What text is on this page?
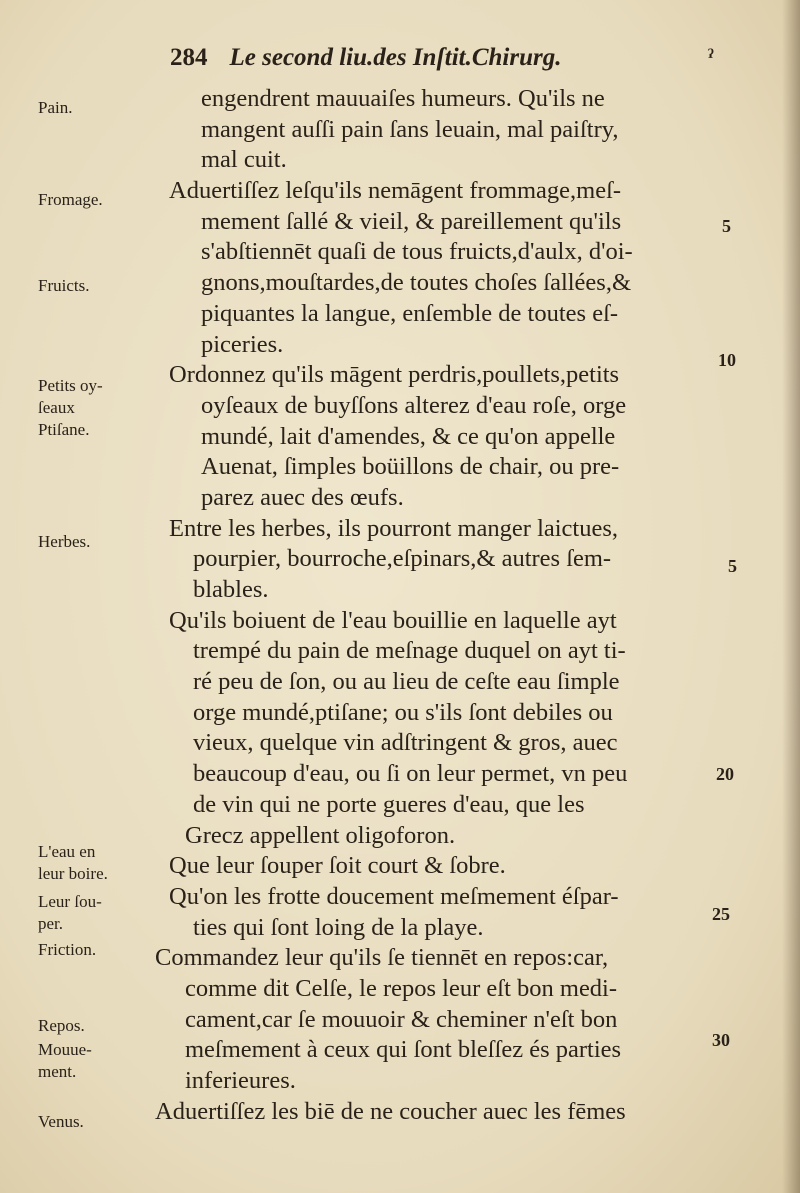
284 Le second liu.des Inſtit.Chirurg.	ˀ
Pain.
Fromage.
Fruicts.
Petits oy-
ſeaux
Ptiſane.
Herbes.
L'eau en
leur boire.
Leur ſou-
per.
Friction.
Repos.
Mouue-
ment.
Venus.
5
10
5
20
25
30
engendrent mauuaiſes humeurs. Qu'ils ne
mangent auſſi pain ſans leuain, mal paiſtry,
mal cuit.
Aduertiſſez leſqu'ils nemāgent frommage,meſ-
mement ſallé & vieil, & pareillement qu'ils
s'abſtiennēt quaſi de tous fruicts,d'aulx, d'oi-
gnons,mouſtardes,de toutes choſes ſallées,&
piquantes la langue, enſemble de toutes eſ-
piceries.
Ordonnez qu'ils māgent perdris,poullets,petits
oyſeaux de buyſſons alterez d'eau roſe, orge
mundé, lait d'amendes, & ce qu'on appelle
Auenat, ſimples boüillons de chair, ou pre-
parez auec des œufs.
Entre les herbes, ils pourront manger laictues,
pourpier, bourroche,eſpinars,& autres ſem-
blables.
Qu'ils boiuent de l'eau bouillie en laquelle ayt
trempé du pain de meſnage duquel on ayt ti-
ré peu de ſon, ou au lieu de ceſte eau ſimple
orge mundé,ptiſane; ou s'ils ſont debiles ou
vieux, quelque vin adſtringent & gros, auec
beaucoup d'eau, ou ſi on leur permet, vn peu
de vin qui ne porte gueres d'eau, que les
Grecz appellent oligoforon.
Que leur ſouper ſoit court & ſobre.
Qu'on les frotte doucement meſmement éſpar-
ties qui ſont loing de la playe.
Commandez leur qu'ils ſe tiennēt en repos:car,
comme dit Celſe, le repos leur eſt bon medi-
cament,car ſe mouuoir & cheminer n'eſt bon
meſmement à ceux qui ſont bleſſez és parties
inferieures.
Aduertiſſez les biē de ne coucher auec les fēmes
